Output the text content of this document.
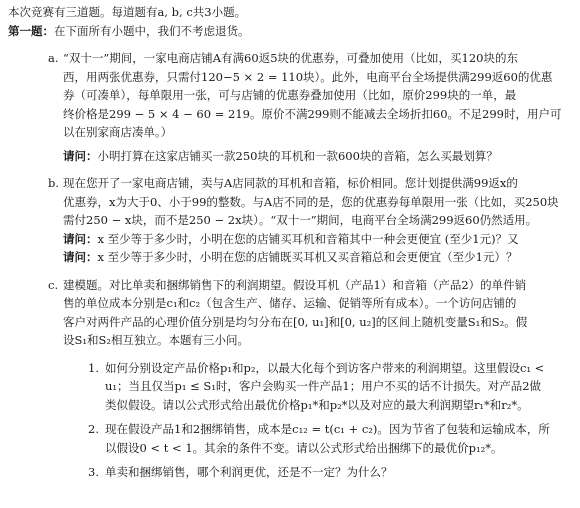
本次竞赛有三道题。每道题有a, b, c共3小题。

第一题：在下面所有小题中，我们不考虑退货。

a. “双十一”期间，一家电商店铺A有满60返5块的优惠券，可叠加使用（比如，买120块的东
西，用两张优惠券，只需付120−5 × 2 = 110块）。此外，电商平台全场提供满299返60的优惠
券（可凑单），每单限用一张，可与店铺的优惠券叠加使用（比如，原价299块的一单，最
终价格是299 − 5 × 4 − 60 = 219。原价不满299则不能减去全场折扣60。不足299时，用户可
以在别家商店凑单。）
请问：小明打算在这家店铺买一款250块的耳机和一款600块的音箱，怎么买最划算？
b. 现在您开了一家电商店铺，卖与A店同款的耳机和音箱，标价相同。您计划提供满99返x的
优惠券，x为大于0、小于99的整数。与A店不同的是，您的优惠券每单限用一张（比如，买250块
需付250 − x块，而不是250 − 2x块）。“双十一”期间，电商平台全场满299返60仍然适用。
请问：x 至少等于多少时，小明在您的店铺买耳机和音箱其中一种会更便宜 (至少1元)？又
请问：x 至少等于多少时，小明在您的店铺既买耳机又买音箱总和会更便宜（至少1元）？
c. 建模题。对比单卖和捆绑销售下的利润期望。假设耳机（产品1）和音箱（产品2）的单件销
售的单位成本分别是c₁和c₂（包含生产、储存、运输、促销等所有成本）。一个访问店铺的
客户对两件产品的心理价值分别是均匀分布在[0, u₁]和[0, u₂]的区间上随机变量S₁和S₂。假
设S₁和S₂相互独立。本题有三小问。
1. 如何分别设定产品价格p₁和p₂，以最大化每个到访客户带来的利润期望。这里假设c₁ <
u₁；当且仅当p₁ ≤ S₁时，客户会购买一件产品1；用户不买的话不计损失。对产品2做
类似假设。请以公式形式给出最优价格p₁*和p₂*以及对应的最大利润期望r₁*和r₂*。
2. 现在假设产品1和2捆绑销售，成本是c₁₂ = t(c₁ + c₂)。因为节省了包装和运输成本，所
以假设0 < t < 1。其余的条件不变。请以公式形式给出捆绑下的最优价p₁₂*。
3. 单卖和捆绑销售，哪个利润更优，还是不一定？为什么？
